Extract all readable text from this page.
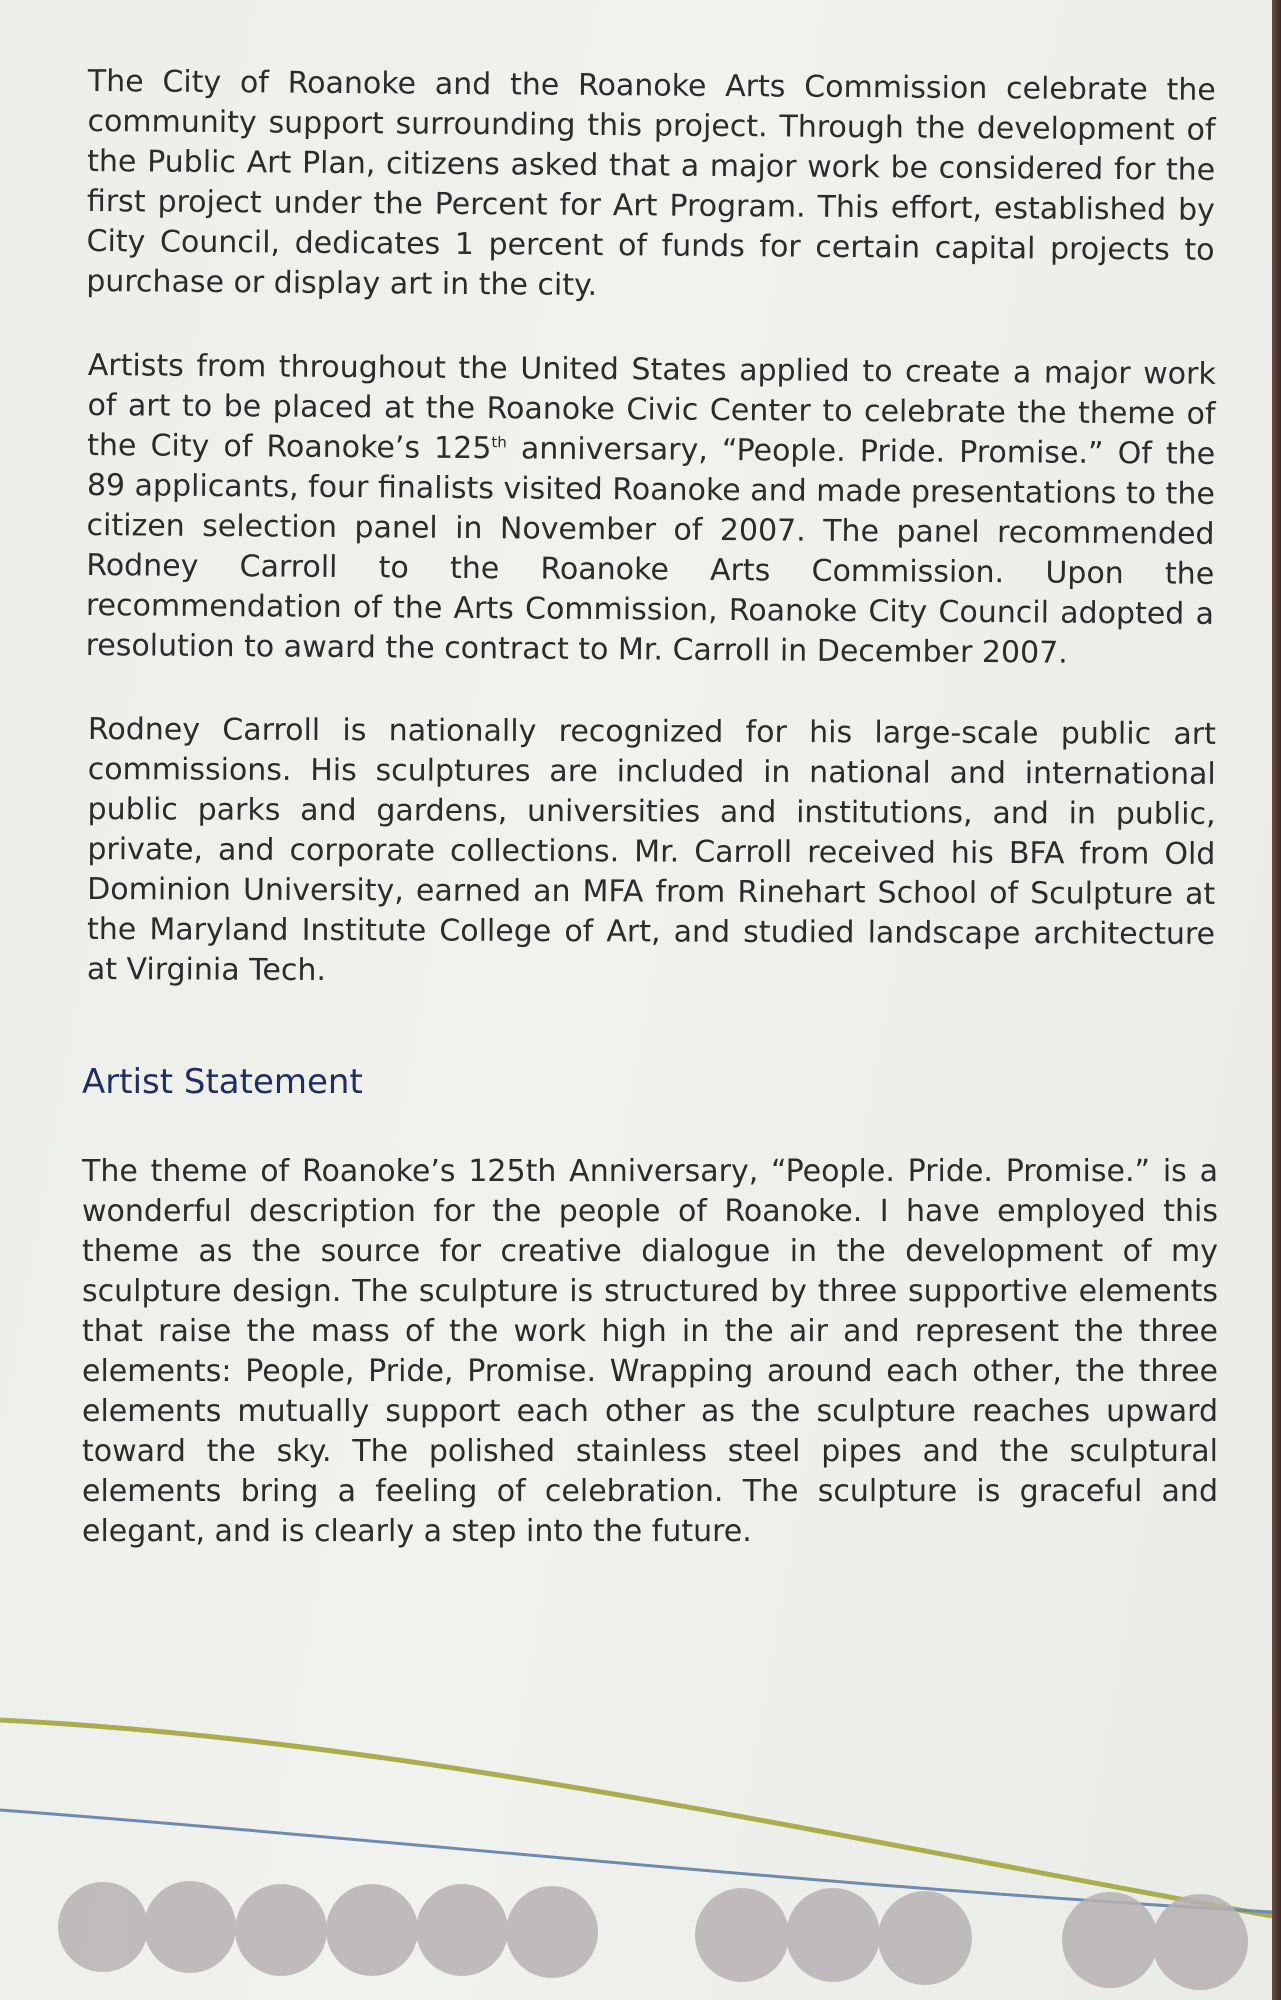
The City of Roanoke and the Roanoke Arts Commission celebrate the community support surrounding this project. Through the development of the Public Art Plan, citizens asked that a major work be considered for the first project under the Percent for Art Program. This effort, established by City Council, dedicates 1 percent of funds for certain capital projects to purchase or display art in the city.

Artists from throughout the United States applied to create a major work of art to be placed at the Roanoke Civic Center to celebrate the theme of the City of Roanoke’s 125th anniversary, “People. Pride. Promise.” Of the 89 applicants, four finalists visited Roanoke and made presentations to the citizen selection panel in November of 2007. The panel recommended Rodney Carroll to the Roanoke Arts Commission. Upon the recommendation of the Arts Commission, Roanoke City Council adopted a resolution to award the contract to Mr. Carroll in December 2007.

Rodney Carroll is nationally recognized for his large-scale public art commissions. His sculptures are included in national and international public parks and gardens, universities and institutions, and in public, private, and corporate collections. Mr. Carroll received his BFA from Old Dominion University, earned an MFA from Rinehart School of Sculpture at the Maryland Institute College of Art, and studied landscape architecture at Virginia Tech.

Artist Statement

The theme of Roanoke’s 125th Anniversary, “People. Pride. Promise.” is a wonderful description for the people of Roanoke. I have employed this theme as the source for creative dialogue in the development of my sculpture design. The sculpture is structured by three supportive elements that raise the mass of the work high in the air and represent the three elements: People, Pride, Promise. Wrapping around each other, the three elements mutually support each other as the sculpture reaches upward toward the sky. The polished stainless steel pipes and the sculptural elements bring a feeling of celebration. The sculpture is graceful and elegant, and is clearly a step into the future.
